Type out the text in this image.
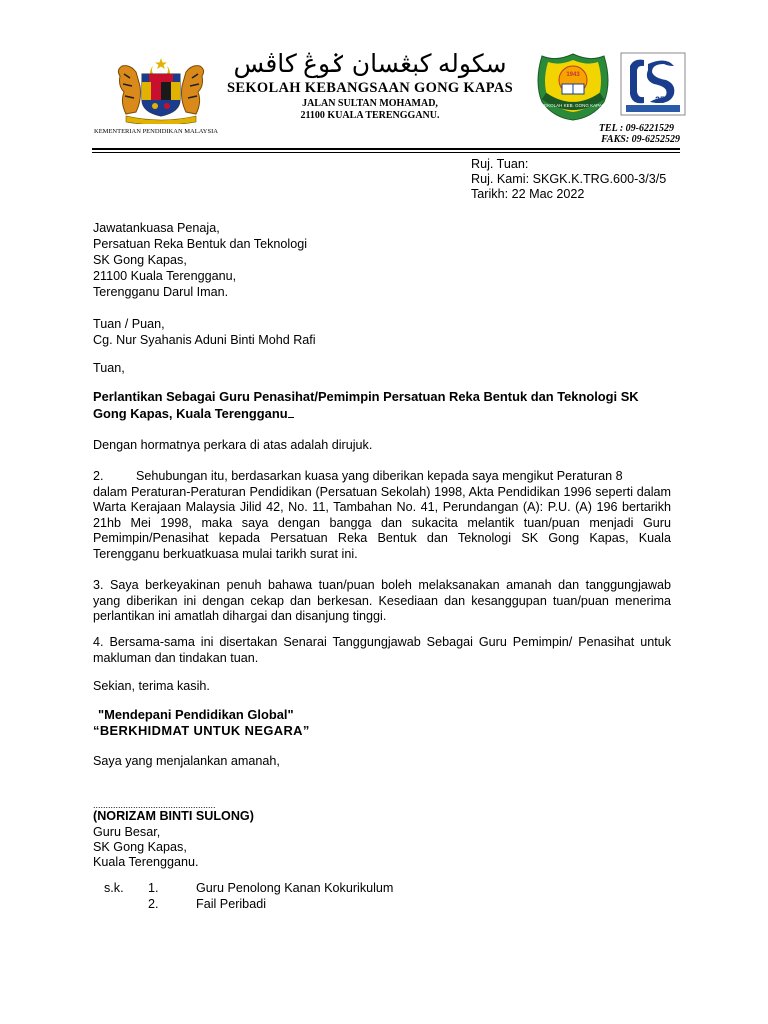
سکوله کبڠسان ݢوڠ کاڤس
SEKOLAH KEBANGSAAN GONG KAPAS
JALAN SULTAN MOHAMAD,
21100 KUALA TERENGGANU.
1943
SEKOLAH KEB. GONG KAPAS
25
KEMENTERIAN PENDIDIKAN MALAYSIA	TEL : 09-6221529
FAKS: 09-6252529
Ruj. Tuan:
Ruj. Kami: SKGK.K.TRG.600-3/3/5
Tarikh: 22 Mac 2022
Jawatankuasa Penaja,
Persatuan Reka Bentuk dan Teknologi
SK Gong Kapas,
21100 Kuala Terengganu,
Terengganu Darul Iman.
Tuan / Puan,
Cg. Nur Syahanis Aduni Binti Mohd Rafi
Tuan,
Perlantikan Sebagai Guru Penasihat/Pemimpin Persatuan Reka Bentuk dan Teknologi SK
Gong Kapas, Kuala Terengganu
Dengan hormatnya perkara di atas adalah dirujuk.
2.	Sehubungan itu, berdasarkan kuasa yang diberikan kepada saya mengikut Peraturan 8
dalam Peraturan-Peraturan Pendidikan (Persatuan Sekolah) 1998, Akta Pendidikan 1996 seperti dalam Warta Kerajaan Malaysia Jilid 42, No. 11, Tambahan No. 41, Perundangan (A): P.U. (A) 196 bertarikh 21hb Mei 1998, maka saya dengan bangga dan sukacita melantik tuan/puan menjadi Guru Pemimpin/Penasihat kepada Persatuan Reka Bentuk dan Teknologi SK Gong Kapas, Kuala Terengganu berkuatkuasa mulai tarikh surat ini.
3. Saya berkeyakinan penuh bahawa tuan/puan boleh melaksanakan amanah dan tanggungjawab yang diberikan ini dengan cekap dan berkesan. Kesediaan dan kesanggupan tuan/puan menerima perlantikan ini amatlah dihargai dan disanjung tinggi.
4. Bersama-sama ini disertakan Senarai Tanggungjawab Sebagai Guru Pemimpin/ Penasihat untuk makluman dan tindakan tuan.
Sekian, terima kasih.
"Mendepani Pendidikan Global"
“BERKHIDMAT UNTUK NEGARA”
Saya yang menjalankan amanah,
.................................................
(NORIZAM BINTI SULONG)
Guru Besar,
SK Gong Kapas,
Kuala Terengganu.
s.k. 1.	Guru Penolong Kanan Kokurikulum
2.	Fail Peribadi
